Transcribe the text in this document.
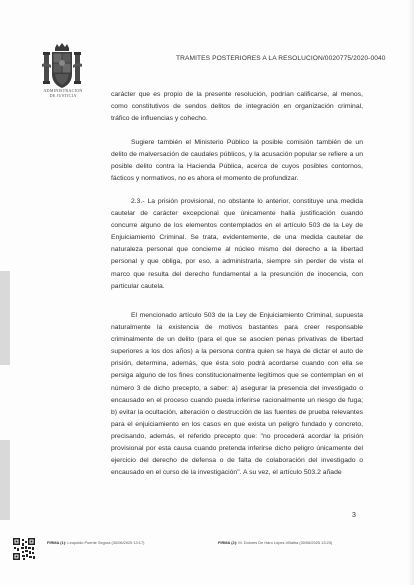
ADMINISTRACION
DE JUSTICIA
TRAMITES POSTERIORES A LA RESOLUCION/0020775/2020-0040
carácter que es propio de la presente resolución, podrían calificarse, al menos, como constitutivos de sendos delitos de integración en organización criminal, tráfico de influencias y cohecho.
Sugiere también el Ministerio Público la posible comisión también de un delito de malversación de caudales públicos, y la acusación popular se refiere a un posible delito contra la Hacienda Pública, acerca de cuyos posibles contornos, fácticos y normativos, no es ahora el momento de profundizar.
2.3.- La prisión provisional, no obstante lo anterior, constituye una medida cautelar de carácter excepcional que únicamente halla justificación cuando concurre alguno de los elementos contemplados en el artículo 503 de la Ley de Enjuiciamiento Criminal. Se trata, evidentemente, de una medida cautelar de naturaleza personal que concierne al núcleo mismo del derecho a la libertad personal y que obliga, por eso, a administrarla, siempre sin perder de vista el marco que resulta del derecho fundamental a la presunción de inocencia, con particular cautela.
El mencionado artículo 503 de la Ley de Enjuiciamiento Criminal, supuesta naturalmente la existencia de motivos bastantes para creer responsable criminalmente de un delito (para el que se asocien penas privativas de libertad superiores a los dos años) a la persona contra quien se haya de dictar el auto de prisión, determina, además, que ésta solo podrá acordarse cuando con ella se persiga alguno de los fines constitucionalmente legítimos que se contemplan en el número 3 de dicho precepto, a saber: a) asegurar la presencia del investigado o encausado en el proceso cuando pueda inferirse racionalmente un riesgo de fuga; b) evitar la ocultación, alteración o destrucción de las fuentes de prueba relevantes para el enjuiciamiento en los casos en que exista un peligro fundado y concreto, precisando, además, el referido precepto que: "no procederá acordar la prisión provisional por esta causa cuando pretenda inferirse dicho peligro únicamente del ejercicio del derecho de defensa o de falta de colaboración del investigado o encausado en el curso de la investigación". A su vez, el artículo 503.2 añade
3
FIRMA (1): Leopoldo Puente Segura (30/06/2025 13:17)	FIRMA (2): M. Dolores De Haro López-Villalba (30/06/2025 13:23)
